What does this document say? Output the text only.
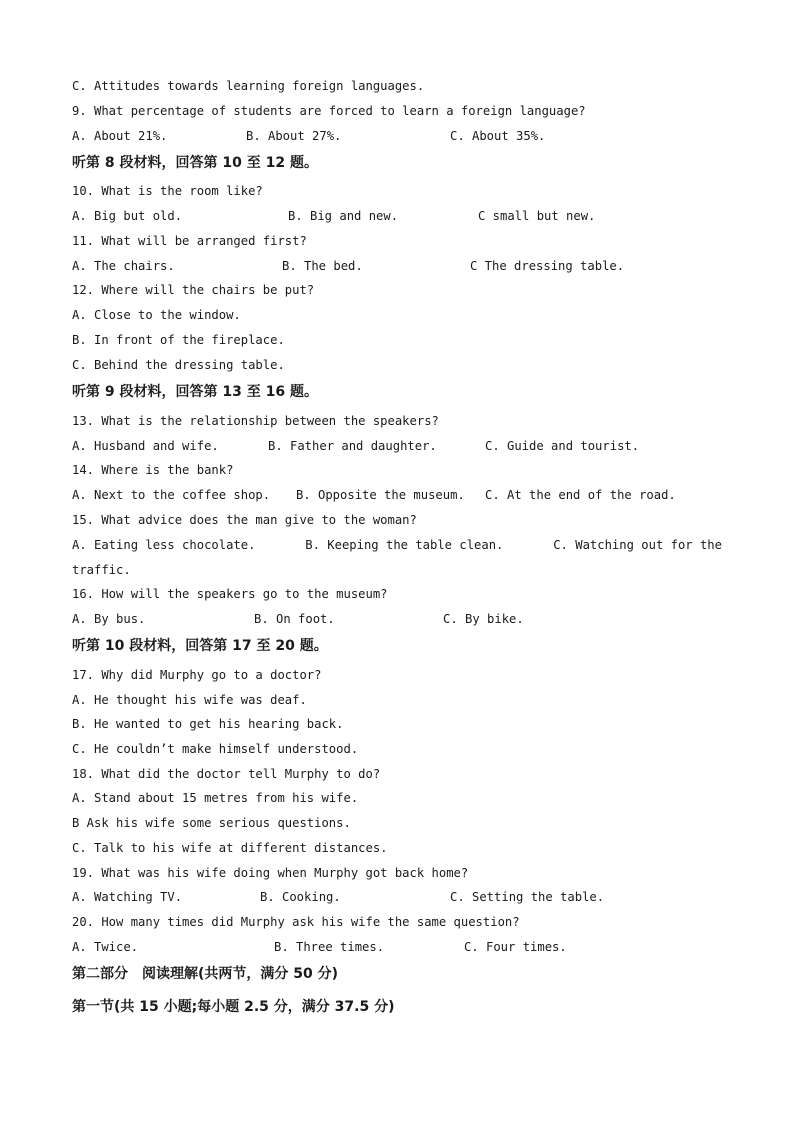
C. Attitudes towards learning foreign languages.
9. What percentage of students are forced to learn a foreign language?
A. About 21%.	B. About 27%.	C. About 35%.
听第 8 段材料，回答第 10 至 12 题。
10. What is the room like?
A. Big but old.	B. Big and new.	C small but new.
11. What will be arranged first?
A. The chairs.	B. The bed.	C The dressing table.
12. Where will the chairs be put?
A. Close to the window.
B. In front of the fireplace.
C. Behind the dressing table.
听第 9 段材料，回答第 13 至 16 题。
13. What is the relationship between the speakers?
A. Husband and wife.	B. Father and daughter.	C. Guide and tourist.
14. Where is the bank?
A. Next to the coffee shop. B. Opposite the museum. C. At the end of the road.
15. What advice does the man give to the woman?
A. Eating less chocolate.	B. Keeping the table clean.	C. Watching out for the
traffic.
16. How will the speakers go to the museum?
A. By bus.	B. On foot.	C. By bike.
听第 10 段材料，回答第 17 至 20 题。
17. Why did Murphy go to a doctor?
A. He thought his wife was deaf.
B. He wanted to get his hearing back.
C. He couldn’t make himself understood.
18. What did the doctor tell Murphy to do?
A. Stand about 15 metres from his wife.
B Ask his wife some serious questions.
C. Talk to his wife at different distances.
19. What was his wife doing when Murphy got back home?
A. Watching TV.	B. Cooking.	C. Setting the table.
20. How many times did Murphy ask his wife the same question?
A. Twice.	B. Three times.	C. Four times.
第二部分　阅读理解(共两节，满分 50 分)
第一节(共 15 小题;每小题 2.5 分，满分 37.5 分)
